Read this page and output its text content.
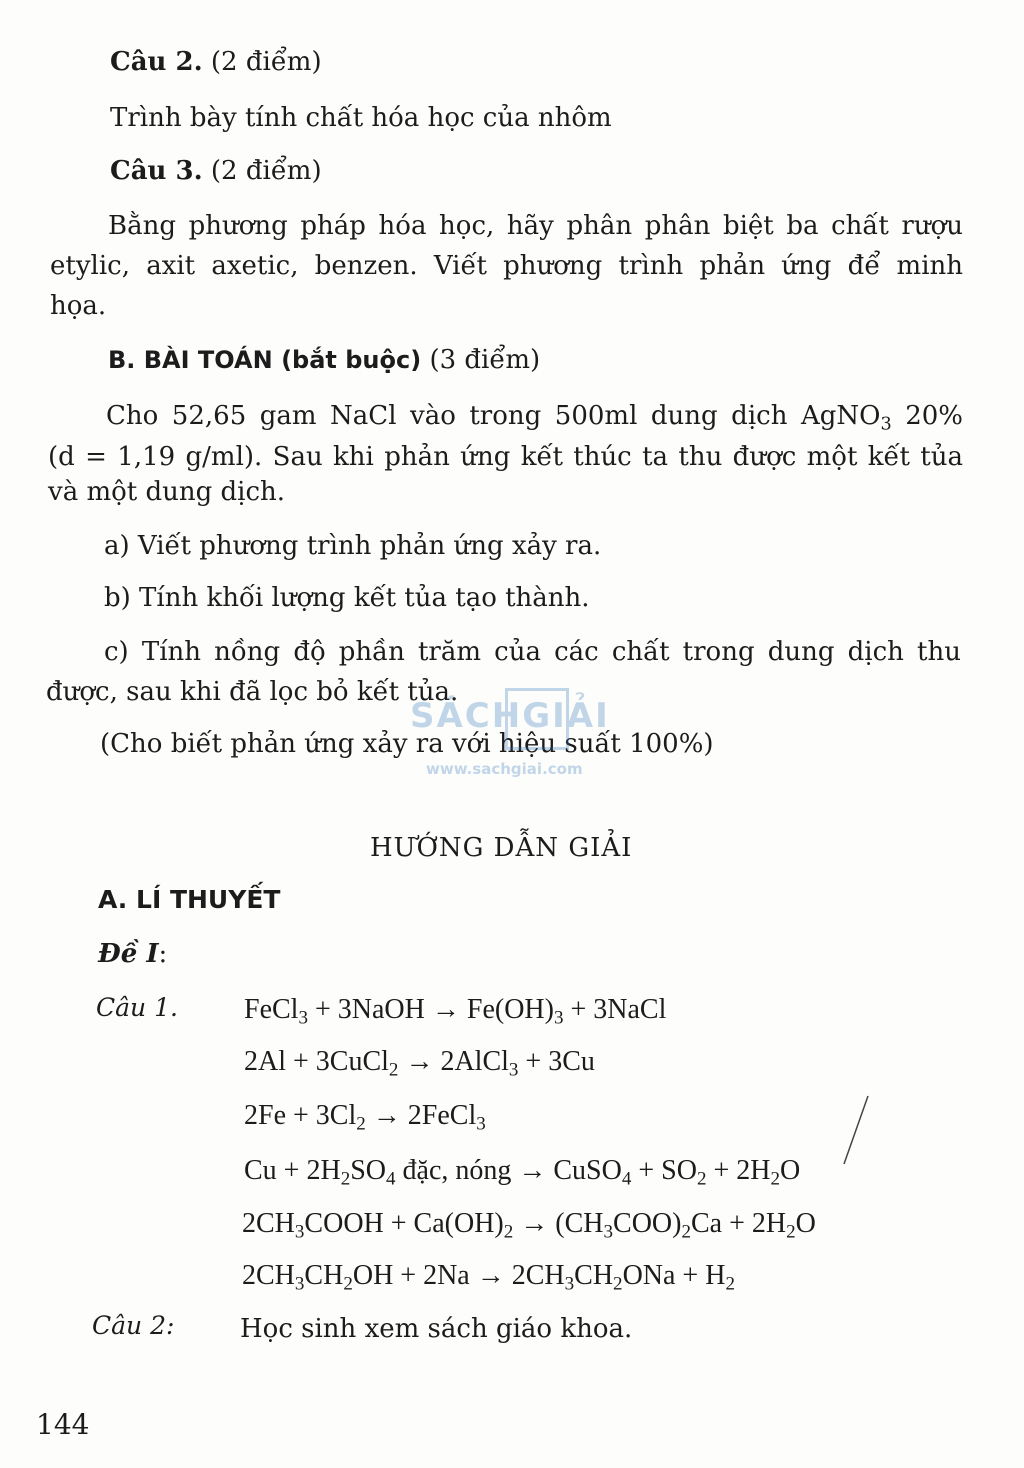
Câu 2. (2 điểm)
Trình bày tính chất hóa học của nhôm
Câu 3. (2 điểm)
Bằng phương pháp hóa học, hãy phân phân biệt ba chất rượu
etylic, axit axetic, benzen. Viết phương trình phản ứng để minh
họa.
B. BÀI TOÁN (bắt buộc) (3 điểm)
Cho 52,65 gam NaCl vào trong 500ml dung dịch AgNO$_3$ 20%
(d = 1,19 g/ml). Sau khi phản ứng kết thúc ta thu được một kết tủa
và một dung dịch.
a) Viết phương trình phản ứng xảy ra.
b) Tính khối lượng kết tủa tạo thành.
c) Tính nồng độ phần trăm của các chất trong dung dịch thu
được, sau khi đã lọc bỏ kết tủa.
(Cho biết phản ứng xảy ra với hiệu suất 100%)
SÁCHGIẢI
www.sachgiai.com
HƯỚNG DẪN GIẢI
A. LÍ THUYẾT
Đề I:
Câu 1. FeCl$_3$ + 3NaOH → $Fe(OH)_3$ + 3NaCl
2Al + 3CuCl$_2$ → 2AlCl$_3$ + 3Cu
$2Fe + 3Cl_2$ → 2FeCl$_3$
$Cu + 2H_2SO_4$ đặc, nóng → CuSO$_4$ + $SO_2 + 2H_2O$
$2CH_3COOH + Ca(OH)_2 \to (CH_3COO)_2Ca + 2H_2O$
$2CH_3CH_2OH + 2Na \to 2CH_3CH_2ONa + H_2$
Câu 2:	Học sinh xem sách giáo khoa.
144
